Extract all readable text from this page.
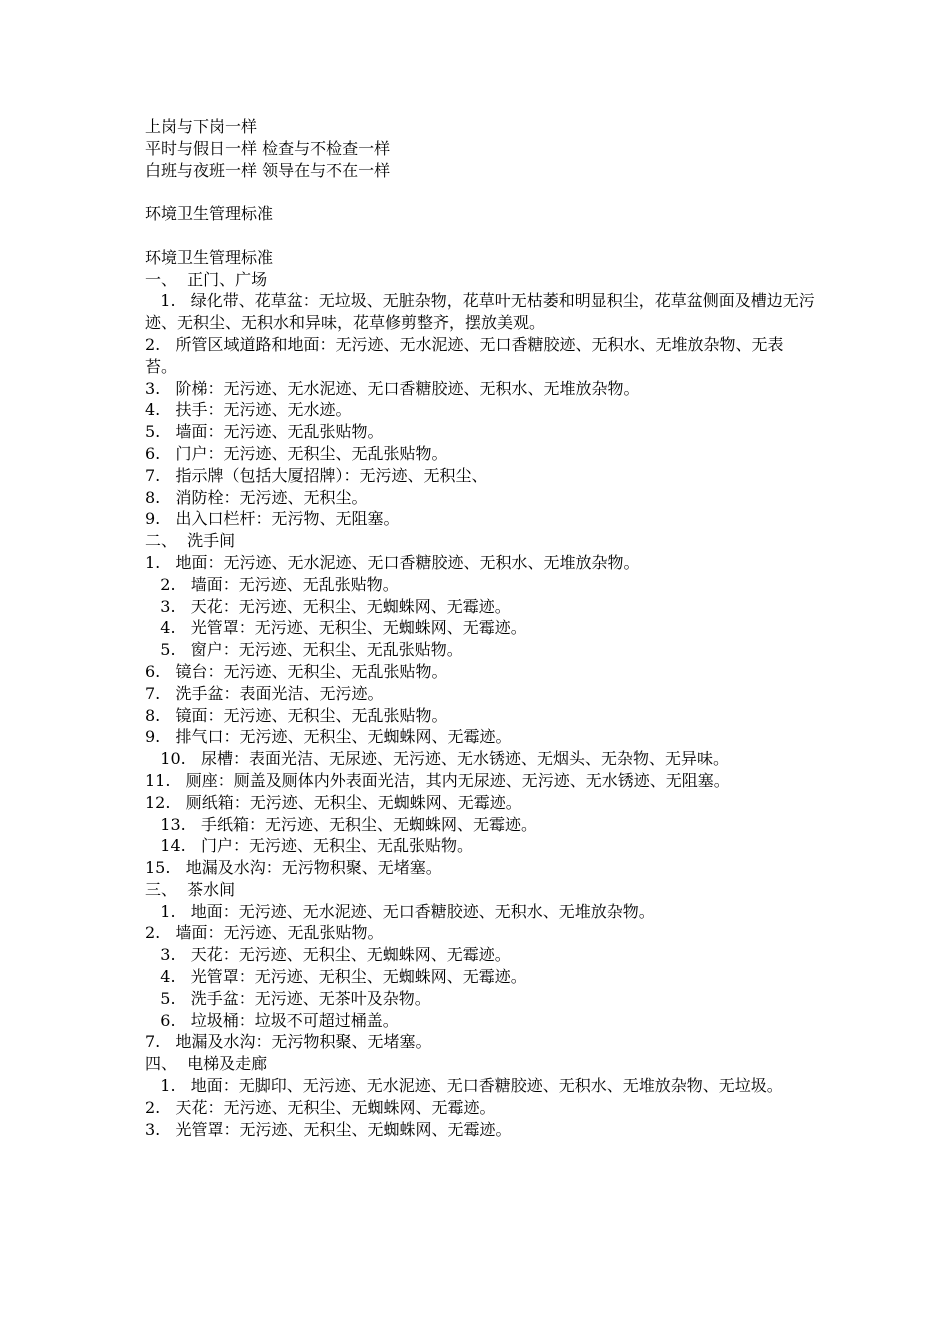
上岗与下岗一样

平时与假日一样 检查与不检查一样

白班与夜班一样 领导在与不在一样

环境卫生管理标准

环境卫生管理标准

一、  正门、广场

1.   绿化带、花草盆：无垃圾、无脏杂物，花草叶无枯萎和明显积尘，花草盆侧面及槽边无污迹、无积尘、无积水和异味，花草修剪整齐，摆放美观。

2.   所管区域道路和地面：无污迹、无水泥迹、无口香糖胶迹、无积水、无堆放杂物、无表苔。

3.   阶梯：无污迹、无水泥迹、无口香糖胶迹、无积水、无堆放杂物。

4.   扶手：无污迹、无水迹。

5.   墙面：无污迹、无乱张贴物。

6.   门户：无污迹、无积尘、无乱张贴物。

7.   指示牌（包括大厦招牌）：无污迹、无积尘、

8.   消防栓：无污迹、无积尘。

9.   出入口栏杆：无污物、无阻塞。

二、  洗手间

1.   地面：无污迹、无水泥迹、无口香糖胶迹、无积水、无堆放杂物。

2.   墙面：无污迹、无乱张贴物。

3.   天花：无污迹、无积尘、无蜘蛛网、无霉迹。

4.   光管罩：无污迹、无积尘、无蜘蛛网、无霉迹。

5.   窗户：无污迹、无积尘、无乱张贴物。

6.   镜台：无污迹、无积尘、无乱张贴物。

7.   洗手盆：表面光洁、无污迹。

8.   镜面：无污迹、无积尘、无乱张贴物。

9.   排气口：无污迹、无积尘、无蜘蛛网、无霉迹。

10.   尿槽：表面光洁、无尿迹、无污迹、无水锈迹、无烟头、无杂物、无异味。

11.   厕座：厕盖及厕体内外表面光洁，其内无尿迹、无污迹、无水锈迹、无阻塞。

12.   厕纸箱：无污迹、无积尘、无蜘蛛网、无霉迹。

13.   手纸箱：无污迹、无积尘、无蜘蛛网、无霉迹。

14.   门户：无污迹、无积尘、无乱张贴物。

15.   地漏及水沟：无污物积聚、无堵塞。

三、  茶水间

1.   地面：无污迹、无水泥迹、无口香糖胶迹、无积水、无堆放杂物。

2.   墙面：无污迹、无乱张贴物。

3.   天花：无污迹、无积尘、无蜘蛛网、无霉迹。

4.   光管罩：无污迹、无积尘、无蜘蛛网、无霉迹。

5.   洗手盆：无污迹、无茶叶及杂物。

6.   垃圾桶：垃圾不可超过桶盖。

7.   地漏及水沟：无污物积聚、无堵塞。

四、  电梯及走廊

1.   地面：无脚印、无污迹、无水泥迹、无口香糖胶迹、无积水、无堆放杂物、无垃圾。

2.   天花：无污迹、无积尘、无蜘蛛网、无霉迹。

3.   光管罩：无污迹、无积尘、无蜘蛛网、无霉迹。
